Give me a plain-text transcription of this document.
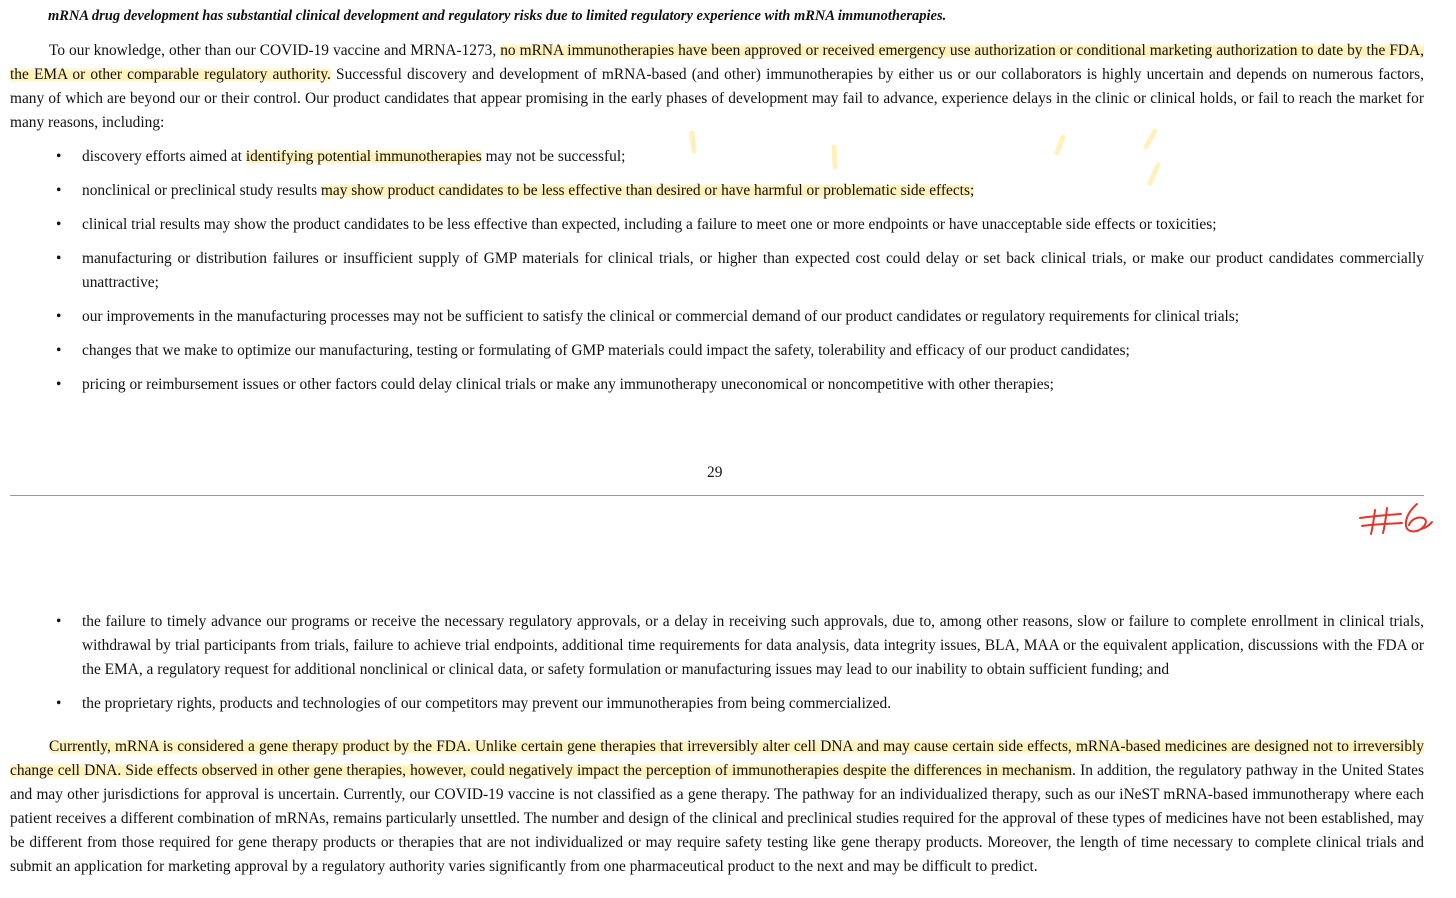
mRNA drug development has substantial clinical development and regulatory risks due to limited regulatory experience with mRNA immunotherapies.

To our knowledge, other than our COVID-19 vaccine and MRNA-1273, no mRNA immunotherapies have been approved or received emergency use authorization or conditional marketing authorization to date by the FDA, the EMA or other comparable regulatory authority. Successful discovery and development of mRNA-based (and other) immunotherapies by either us or our collaborators is highly uncertain and depends on numerous factors, many of which are beyond our or their control. Our product candidates that appear promising in the early phases of development may fail to advance, experience delays in the clinic or clinical holds, or fail to reach the market for many reasons, including:

•	discovery efforts aimed at identifying potential immunotherapies may not be successful;
•	nonclinical or preclinical study results may show product candidates to be less effective than desired or have harmful or problematic side effects;
•	clinical trial results may show the product candidates to be less effective than expected, including a failure to meet one or more endpoints or have unacceptable side effects or toxicities;
•	manufacturing or distribution failures or insufficient supply of GMP materials for clinical trials, or higher than expected cost could delay or set back clinical trials, or make our product candidates commercially unattractive;
•	our improvements in the manufacturing processes may not be sufficient to satisfy the clinical or commercial demand of our product candidates or regulatory requirements for clinical trials;
•	changes that we make to optimize our manufacturing, testing or formulating of GMP materials could impact the safety, tolerability and efficacy of our product candidates;
•	pricing or reimbursement issues or other factors could delay clinical trials or make any immunotherapy uneconomical or noncompetitive with other therapies;
29
•	the failure to timely advance our programs or receive the necessary regulatory approvals, or a delay in receiving such approvals, due to, among other reasons, slow or failure to complete enrollment in clinical trials, withdrawal by trial participants from trials, failure to achieve trial endpoints, additional time requirements for data analysis, data integrity issues, BLA, MAA or the equivalent application, discussions with the FDA or the EMA, a regulatory request for additional nonclinical or clinical data, or safety formulation or manufacturing issues may lead to our inability to obtain sufficient funding; and
•	the proprietary rights, products and technologies of our competitors may prevent our immunotherapies from being commercialized.

Currently, mRNA is considered a gene therapy product by the FDA. Unlike certain gene therapies that irreversibly alter cell DNA and may cause certain side effects, mRNA-based medicines are designed not to irreversibly change cell DNA. Side effects observed in other gene therapies, however, could negatively impact the perception of immunotherapies despite the differences in mechanism. In addition, the regulatory pathway in the United States and may other jurisdictions for approval is uncertain. Currently, our COVID-19 vaccine is not classified as a gene therapy. The pathway for an individualized therapy, such as our iNeST mRNA-based immunotherapy where each patient receives a different combination of mRNAs, remains particularly unsettled. The number and design of the clinical and preclinical studies required for the approval of these types of medicines have not been established, may be different from those required for gene therapy products or therapies that are not individualized or may require safety testing like gene therapy products. Moreover, the length of time necessary to complete clinical trials and submit an application for marketing approval by a regulatory authority varies significantly from one pharmaceutical product to the next and may be difficult to predict.
